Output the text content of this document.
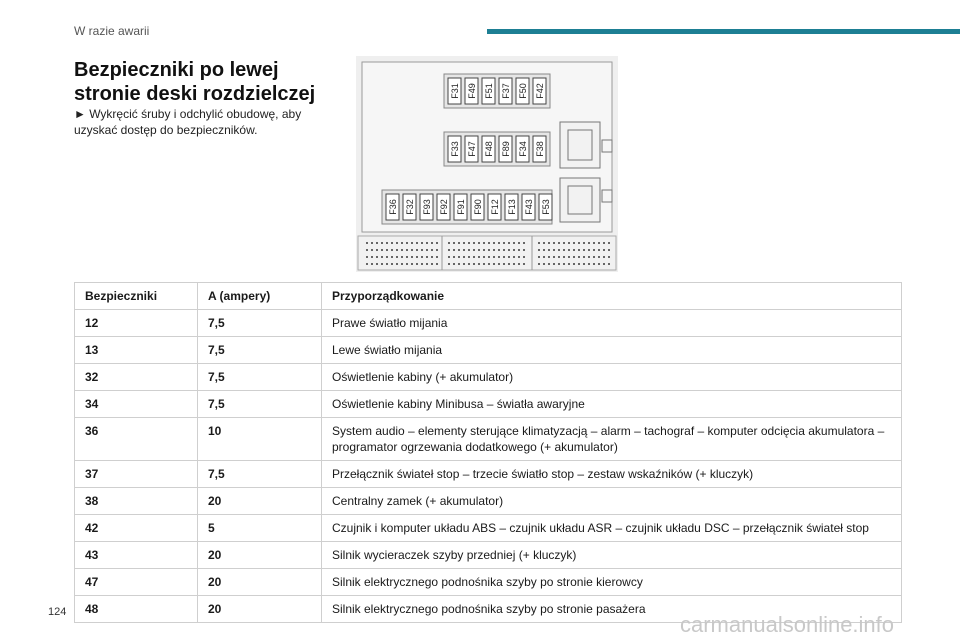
W razie awarii
Bezpieczniki po lewej stronie deski rozdzielczej
► Wykręcić śruby i odchylić obudowę, aby uzyskać dostęp do bezpieczników.
F31 F49 F51 F37 F50 F42
F33 F47 F48 F89 F34 F38
F36 F32 F93 F92 F91 F90 F12 F13 F43 F53
Bezpieczniki	A (ampery)	Przyporządkowanie
12	7,5	Prawe światło mijania
13	7,5	Lewe światło mijania
32	7,5	Oświetlenie kabiny (+ akumulator)
34	7,5	Oświetlenie kabiny Minibusa – światła awaryjne
36	10	System audio – elementy sterujące klimatyzacją – alarm – tachograf – komputer odcięcia akumulatora – programator ogrzewania dodatkowego (+ akumulator)
37	7,5	Przełącznik świateł stop – trzecie światło stop – zestaw wskaźników (+ kluczyk)
38	20	Centralny zamek (+ akumulator)
42	5	Czujnik i komputer układu ABS – czujnik układu ASR – czujnik układu DSC – przełącznik świateł stop
43	20	Silnik wycieraczek szyby przedniej (+ kluczyk)
47	20	Silnik elektrycznego podnośnika szyby po stronie kierowcy
48	20	Silnik elektrycznego podnośnika szyby po stronie pasażera
124	carmanualsonline.info
